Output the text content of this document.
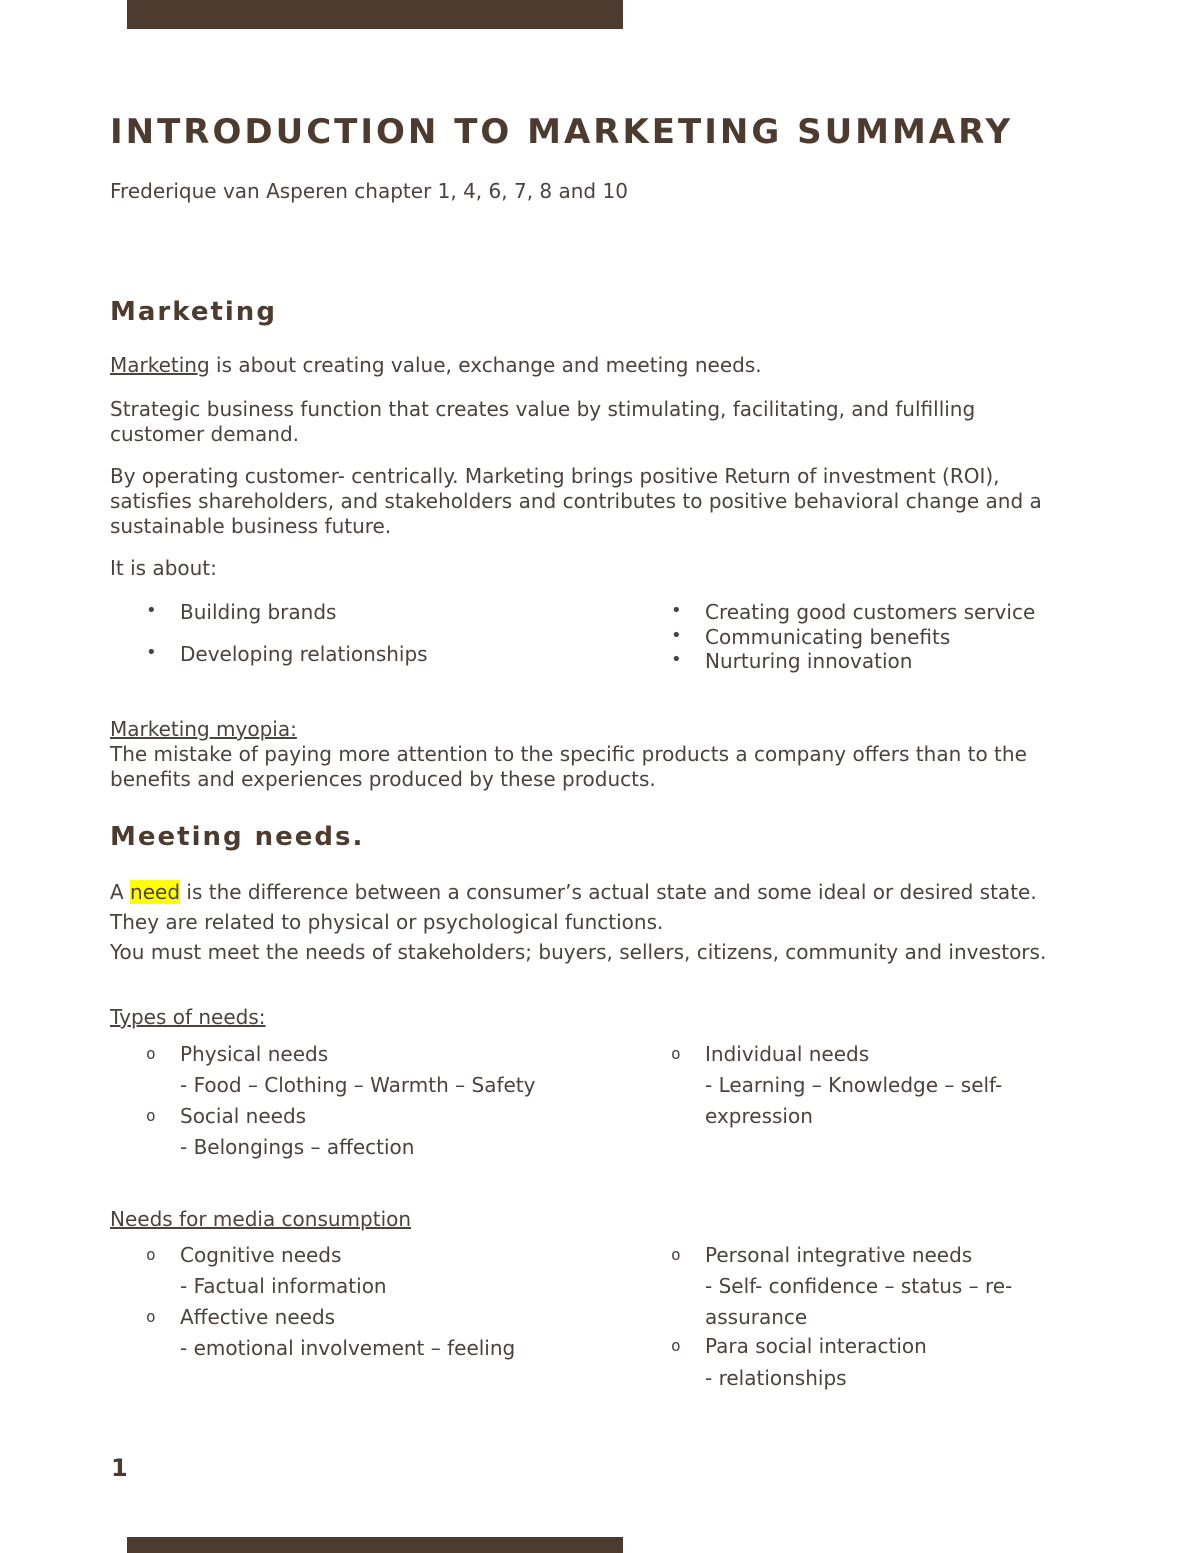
INTRODUCTION TO MARKETING SUMMARY
Frederique van Asperen chapter 1, 4, 6, 7, 8 and 10
Marketing

Marketing is about creating value, exchange and meeting needs.

Strategic business function that creates value by stimulating, facilitating, and fulfilling customer demand.

By operating customer- centrically. Marketing brings positive Return of investment (ROI), satisfies shareholders, and stakeholders and contributes to positive behavioral change and a sustainable business future.

It is about:

• Building brands
• Developing relationships
• Creating good customers service
• Communicating benefits
• Nurturing innovation

Marketing myopia:

The mistake of paying more attention to the specific products a company offers than to the benefits and experiences produced by these products.

Meeting needs.

A need is the difference between a consumer’s actual state and some ideal or desired state. They are related to physical or psychological functions.

You must meet the needs of stakeholders; buyers, sellers, citizens, community and investors.

Types of needs:

o Physical needs
- Food – Clothing – Warmth – Safety
o Social needs
- Belongings – affection
o Individual needs
- Learning – Knowledge – self-
expression

Needs for media consumption

o Cognitive needs
- Factual information
o Affective needs
- emotional involvement – feeling
o Personal integrative needs
- Self- confidence – status – re-
assurance
o Para social interaction
- relationships
1
